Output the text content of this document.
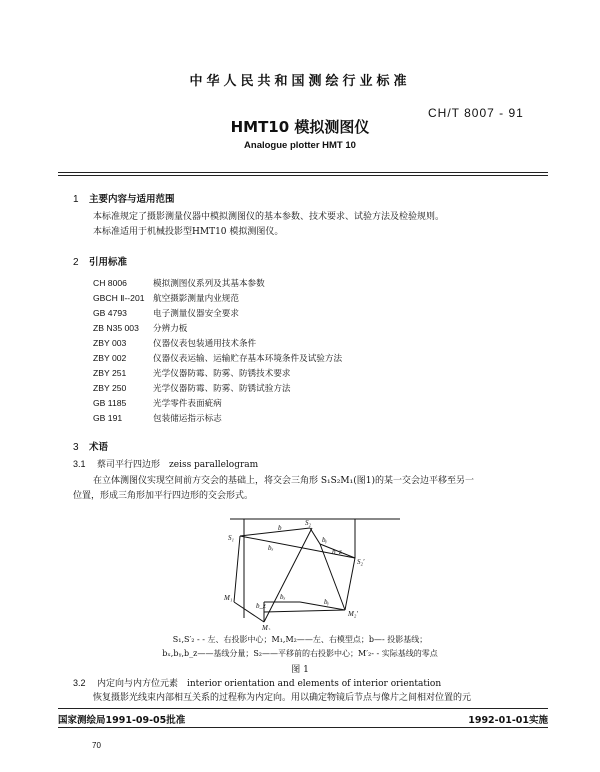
中华人民共和国测绘行业标准
CH/T 8007 - 91
HMT10 模拟测图仪
Analogue plotter HMT 10
1 主要内容与适用范围
本标准规定了摄影测量仪器中模拟测图仪的基本参数、技术要求、试验方法及检验规则。
本标准适用于机械投影型HMT10 模拟测图仪。
2 引用标准
CH 8006	模拟测图仪系列及其基本参数
GBCH Ⅱ--201 航空摄影测量内业规范
GB 4793	电子测量仪器安全要求
ZB N35 003 分辨力板
ZBY 003	仪器仪表包装通用技术条件
ZBY 002	仪器仪表运输、运输贮存基本环境条件及试验方法
ZBY 251	光学仪器防霉、防雾、防锈技术要求
ZBY 250	光学仪器防霉、防雾、防锈试验方法
GB 1185	光学零件表面疵病
GB 191	包装储运指示标志
3 术语
3.1 蔡司平行四边形　zeiss parallelogram
在立体测图仪实现空间前方交会的基础上，将交会三角形 S₁S₂M₁(图1)的某一交会边平移至另一
位置，形成三角形加平行四边形的交会形式。
S₁
S₂
S₂′
M₁
M₂
M₂′
b
bₓ
bᵧ
b_z
bₓ
bᵧ
b_z
S₁,S′₂ - - 左、右投影中心；M₁,M₂——左、右模型点；b—- 投影基线；
bₓ,bᵧ,b_z——基线分量；S₂——平移前的右投影中心；M′₂- - 实际基线的零点
图 1
3.2 内定向与内方位元素　interior orientation and elements of interior orientation
恢复摄影光线束内部相互关系的过程称为内定向。用以确定物镜后节点与像片之间相对位置的元
国家测绘局1991-09-05批准	1992-01-01实施
70
